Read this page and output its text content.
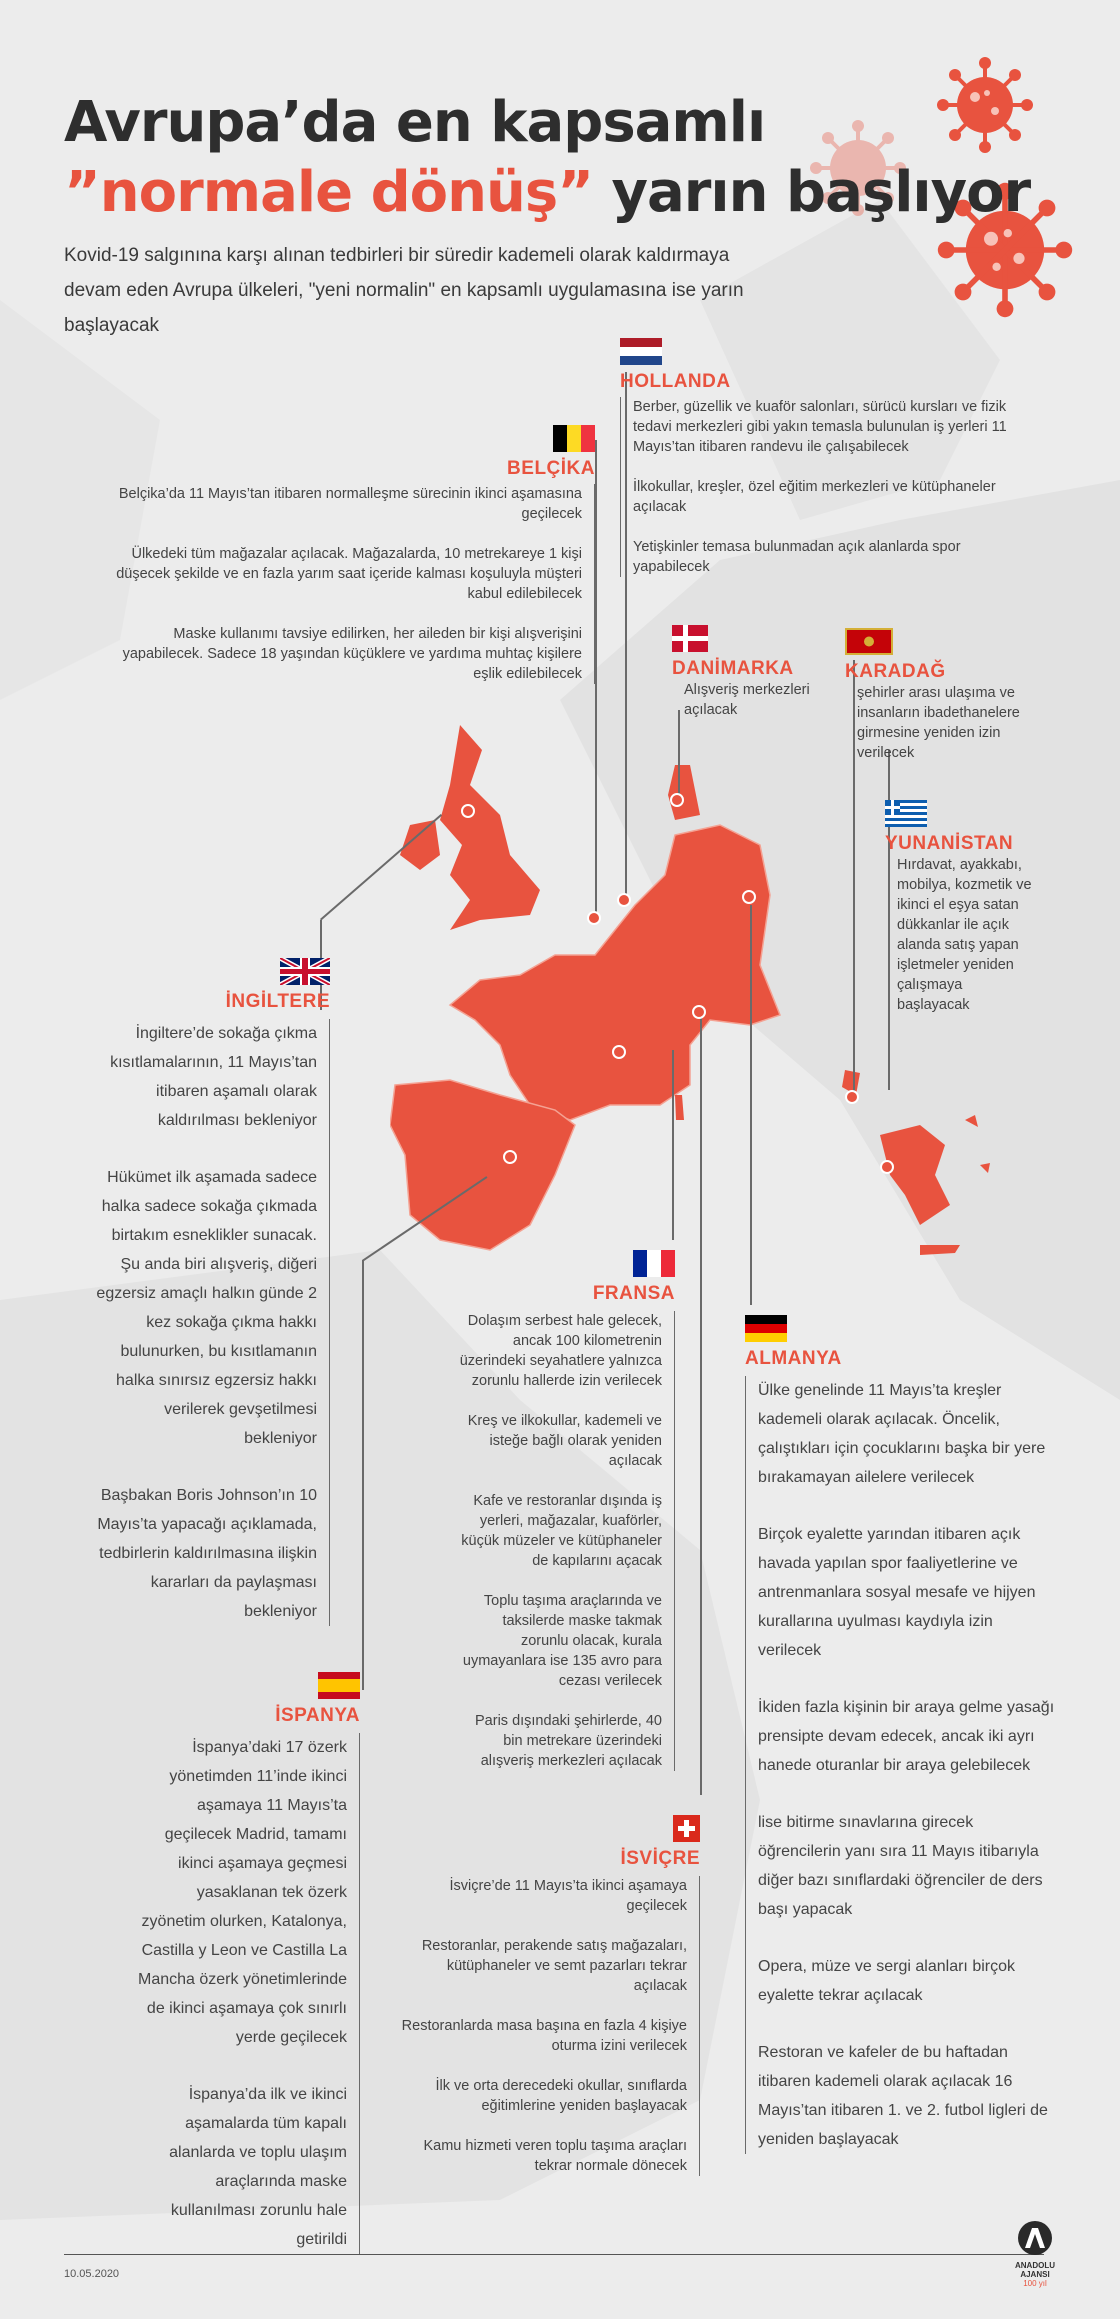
Avrupa’da en kapsamlı
”normale dönüş” yarın başlıyor
Kovid-19 salgınına karşı alınan tedbirleri bir süredir kademeli olarak kaldırmaya devam eden Avrupa ülkeleri, "yeni normalin" en kapsamlı uygulamasına ise yarın başlayacak
HOLLANDA
Berber, güzellik ve kuaför salonları, sürücü kursları ve fizik tedavi merkezleri gibi yakın temasla bulunulan iş yerleri 11 Mayıs’tan itibaren randevu ile çalışabilecek
İlkokullar, kreşler, özel eğitim merkezleri ve kütüphaneler açılacak
Yetişkinler temasa bulunmadan açık alanlarda spor yapabilecek
BELÇİKA
Belçika’da 11 Mayıs’tan itibaren normalleşme sürecinin ikinci aşamasına geçilecek
Ülkedeki tüm mağazalar açılacak. Mağazalarda, 10 metrekareye 1 kişi düşecek şekilde ve en fazla yarım saat içeride kalması koşuluyla müşteri kabul edilebilecek
Maske kullanımı tavsiye edilirken, her aileden bir kişi alışverişini yapabilecek. Sadece 18 yaşından küçüklere ve yardıma muhtaç kişilere eşlik edilebilecek	DANİMARKA
Alışveriş merkezleri açılacak
KARADAĞ
şehirler arası ulaşıma ve insanların ibadethanelere girmesine yeniden izin verilecek
YUNANİSTAN
Hırdavat, ayakkabı, mobilya, kozmetik ve ikinci el eşya satan dükkanlar ile açık alanda satış yapan işletmeler yeniden çalışmaya başlayacak
İNGİLTERE
İngiltere’de sokağa çıkma kısıtlamalarının, 11 Mayıs’tan itibaren aşamalı olarak kaldırılması bekleniyor
Hükümet ilk aşamada sadece halka sadece sokağa çıkmada birtakım esneklikler sunacak. Şu anda biri alışveriş, diğeri egzersiz amaçlı halkın günde 2 kez sokağa çıkma hakkı bulunurken, bu kısıtlamanın halka sınırsız egzersiz hakkı verilerek gevşetilmesi bekleniyor
Başbakan Boris Johnson’ın 10 Mayıs’ta yapacağı açıklamada, tedbirlerin kaldırılmasına ilişkin kararları da paylaşması bekleniyor
İSPANYA
İspanya’daki 17 özerk yönetimden 11’inde ikinci aşamaya 11 Mayıs’ta geçilecek Madrid, tamamı ikinci aşamaya geçmesi yasaklanan tek özerk zyönetim olurken, Katalonya, Castilla y Leon ve Castilla La Mancha özerk yönetimlerinde de ikinci aşamaya çok sınırlı yerde geçilecek
İspanya’da ilk ve ikinci aşamalarda tüm kapalı alanlarda ve toplu ulaşım araçlarında maske kullanılması zorunlu hale getirildi
FRANSA
Dolaşım serbest hale gelecek, ancak 100 kilometrenin üzerindeki seyahatlere yalnızca zorunlu hallerde izin verilecek
Kreş ve ilkokullar, kademeli ve isteğe bağlı olarak yeniden açılacak
Kafe ve restoranlar dışında iş yerleri, mağazalar, kuaförler, küçük müzeler ve kütüphaneler de kapılarını açacak
Toplu taşıma araçlarında ve taksilerde maske takmak zorunlu olacak, kurala uymayanlara ise 135 avro para cezası verilecek
Paris dışındaki şehirlerde, 40 bin metrekare üzerindeki alışveriş merkezleri açılacak
İSVİÇRE
İsviçre’de 11 Mayıs’ta ikinci aşamaya geçilecek
Restoranlar, perakende satış mağazaları, kütüphaneler ve semt pazarları tekrar açılacak
Restoranlarda masa başına en fazla 4 kişiye oturma izini verilecek
İlk ve orta derecedeki okullar, sınıflarda eğitimlerine yeniden başlayacak
Kamu hizmeti veren toplu taşıma araçları tekrar normale dönecek
ALMANYA
Ülke genelinde 11 Mayıs’ta kreşler kademeli olarak açılacak. Öncelik, çalıştıkları için çocuklarını başka bir yere bırakamayan ailelere verilecek
Birçok eyalette yarından itibaren açık havada yapılan spor faaliyetlerine ve antrenmanlara sosyal mesafe ve hijyen kurallarına uyulması kaydıyla izin verilecek
İkiden fazla kişinin bir araya gelme yasağı prensipte devam edecek, ancak iki ayrı hanede oturanlar bir araya gelebilecek
lise bitirme sınavlarına girecek öğrencilerin yanı sıra 11 Mayıs itibarıyla diğer bazı sınıflardaki öğrenciler de ders başı yapacak
Opera, müze ve sergi alanları birçok eyalette tekrar açılacak
Restoran ve kafeler de bu haftadan itibaren kademeli olarak açılacak 16 Mayıs’tan itibaren 1. ve 2. futbol ligleri de yeniden başlayacak
10.05.2020
ANADOLU AJANSI
100 yıl
